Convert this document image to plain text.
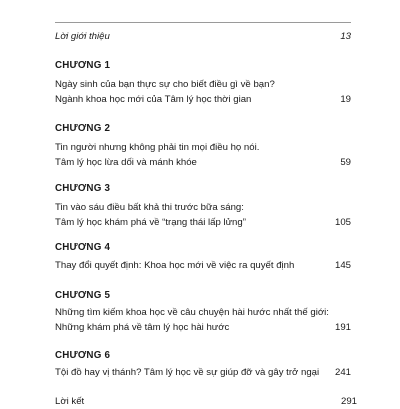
Lời giới thiệu	13
CHƯƠNG 1
Ngày sinh của bạn thực sự cho biết điều gì về bạn?
Ngành khoa học mới của Tâm lý học thời gian	19
CHƯƠNG 2
Tin người nhưng không phải tin mọi điều họ nói.
Tâm lý học lừa dối và mánh khóe	59
CHƯƠNG 3
Tin vào sáu điều bất khả thi trước bữa sáng:
Tâm lý học khám phá về “trạng thái lấp lửng”	105
CHƯƠNG 4
Thay đổi quyết định: Khoa học mới về việc ra quyết định	145
CHƯƠNG 5
Những tìm kiếm khoa học về câu chuyện hài hước nhất thế giới:
Những khám phá về tâm lý học hài hước	191
CHƯƠNG 6
Tội đồ hay vị thánh? Tâm lý học về sự giúp đỡ và gây trở ngại	241
Lời kết	291
